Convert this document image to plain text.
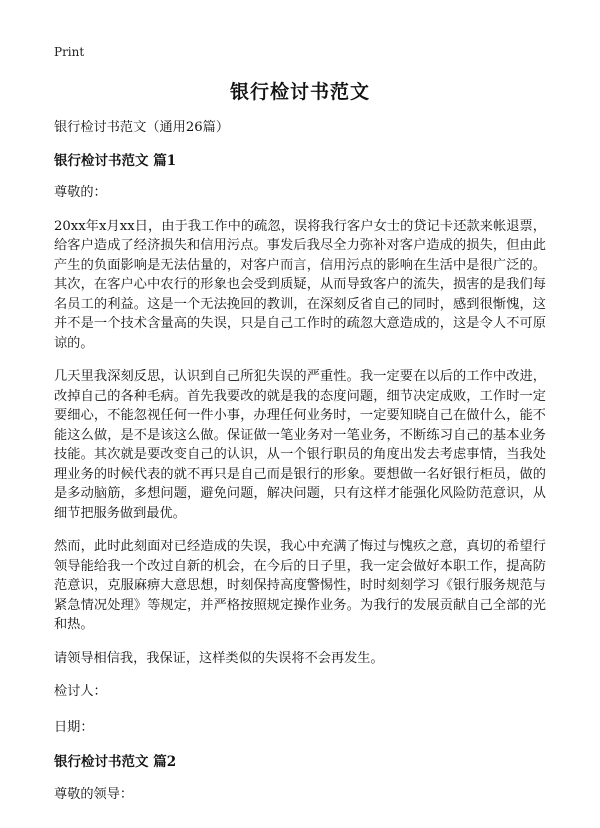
Print
银行检讨书范文

银行检讨书范文（通用26篇）

银行检讨书范文 篇1

尊敬的：

20xx年x月xx日，由于我工作中的疏忽，误将我行客户女士的贷记卡还款来帐退票，给客户造成了经济损失和信用污点。事发后我尽全力弥补对客户造成的损失，但由此产生的负面影响是无法估量的，对客户而言，信用污点的影响在生活中是很广泛的。其次，在客户心中农行的形象也会受到质疑，从而导致客户的流失，损害的是我们每名员工的利益。这是一个无法挽回的教训，在深刻反省自己的同时，感到很惭愧，这并不是一个技术含量高的失误，只是自己工作时的疏忽大意造成的，这是令人不可原谅的。

几天里我深刻反思，认识到自己所犯失误的严重性。我一定要在以后的工作中改进，改掉自己的各种毛病。首先我要改的就是我的态度问题，细节决定成败，工作时一定要细心，不能忽视任何一件小事，办理任何业务时，一定要知晓自己在做什么，能不能这么做，是不是该这么做。保证做一笔业务对一笔业务，不断练习自己的基本业务技能。其次就是要改变自己的认识，从一个银行职员的角度出发去考虑事情，当我处理业务的时候代表的就不再只是自己而是银行的形象。要想做一名好银行柜员，做的是多动脑筋，多想问题，避免问题，解决问题，只有这样才能强化风险防范意识，从细节把服务做到最优。

然而，此时此刻面对已经造成的失误，我心中充满了悔过与愧疚之意，真切的希望行领导能给我一个改过自新的机会，在今后的日子里，我一定会做好本职工作，提高防范意识，克服麻痹大意思想，时刻保持高度警惕性，时时刻刻学习《银行服务规范与紧急情况处理》等规定，并严格按照规定操作业务。为我行的发展贡献自己全部的光和热。

请领导相信我，我保证，这样类似的失误将不会再发生。

检讨人：

日期：

银行检讨书范文 篇2

尊敬的领导：
